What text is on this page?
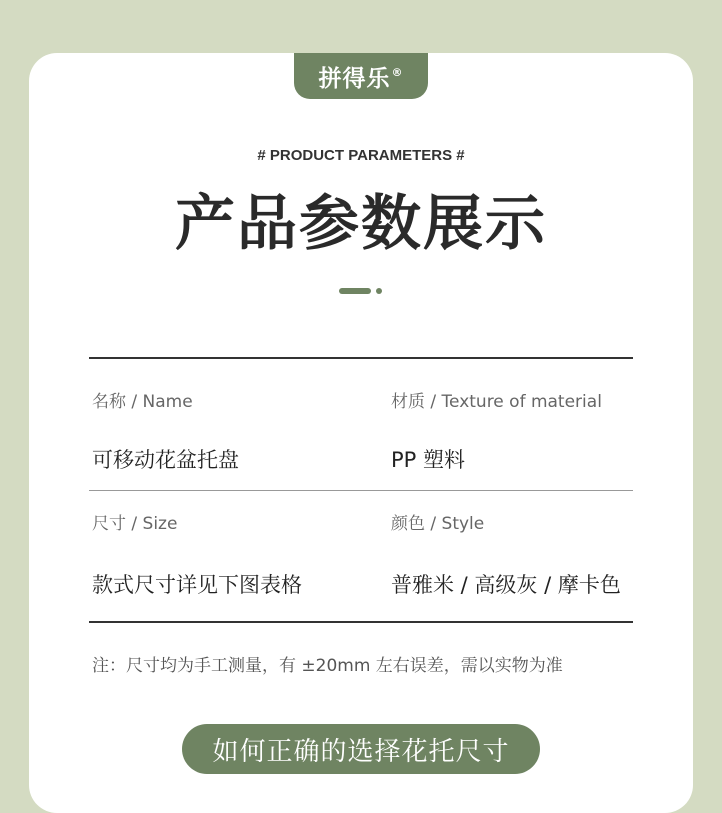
拼得乐®
# PRODUCT PARAMETERS #
产品参数展示
名称 / Name	材质 / Texture of material
可移动花盆托盘	PP 塑料
尺寸 / Size	颜色 / Style
款式尺寸详见下图表格	普雅米 / 高级灰 / 摩卡色
注：尺寸均为手工测量，有 ±20mm 左右误差，需以实物为准
如何正确的选择花托尺寸
